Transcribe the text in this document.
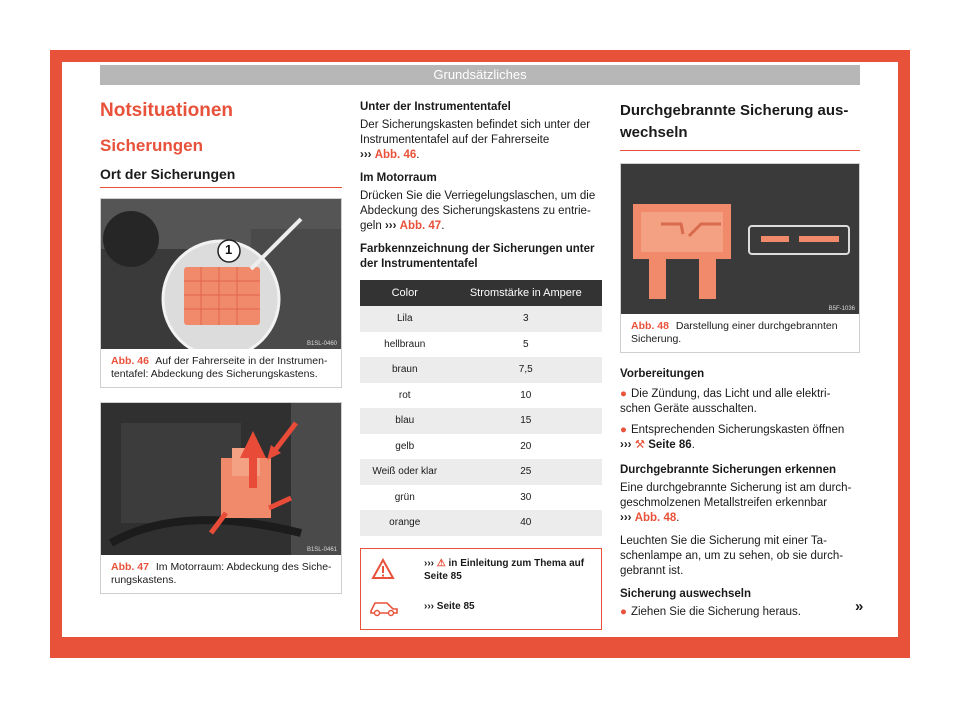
Grundsätzliches
Notsituationen
Sicherungen
Ort der Sicherungen
1
B1SL-0460
Abb. 46 Auf der Fahrerseite in der Instrumen-tentafel: Abdeckung des Sicherungskastens.
B1SL-0461
Abb. 47 Im Motorraum: Abdeckung des Siche-rungskastens.
Unter der Instrumententafel
Der Sicherungskasten befindet sich unter der Instrumententafel auf der Fahrerseite
››› Abb. 46.
Im Motorraum
Drücken Sie die Verriegelungslaschen, um die Abdeckung des Sicherungskastens zu entrie-geln ››› Abb. 47.
Farbkennzeichnung der Sicherungen unter der Instrumententafel
Color	Stromstärke in Ampere
Lila	3
hellbraun	5
braun	7,5
rot	10
blau	15
gelb	20
Weiß oder klar	25
grün	30
orange	40
››› ⚠ in Einleitung zum Thema auf Seite 85
››› Seite 85
Durchgebrannte Sicherung aus-wechseln
B5F-1036
Abb. 48 Darstellung einer durchgebrannten Sicherung.
Vorbereitungen
● Die Zündung, das Licht und alle elektri-schen Geräte ausschalten.
● Entsprechenden Sicherungskasten öffnen
››› ⚒ Seite 86.
Durchgebrannte Sicherungen erkennen
Eine durchgebrannte Sicherung ist am durch-geschmolzenen Metallstreifen erkennbar
››› Abb. 48.
Leuchten Sie die Sicherung mit einer Ta-schenlampe an, um zu sehen, ob sie durch-gebrannt ist.
Sicherung auswechseln
● Ziehen Sie die Sicherung heraus.	»
37
